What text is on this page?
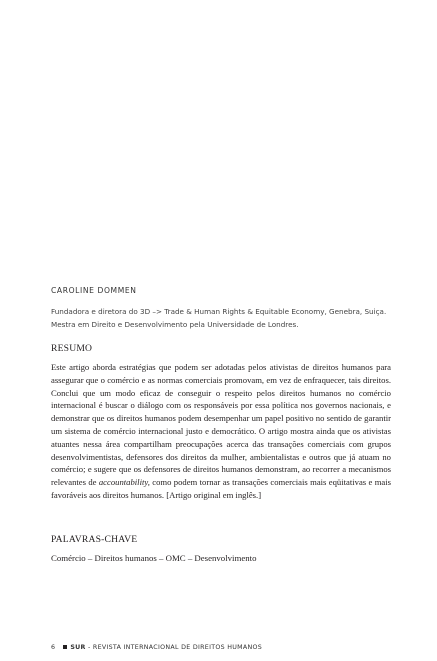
CAROLINE DOMMEN
Fundadora e diretora do 3D –> Trade & Human Rights & Equitable Economy, Genebra, Suiça. Mestra em Direito e Desenvolvimento pela Universidade de Londres.
RESUMO
Este artigo aborda estratégias que podem ser adotadas pelos ativistas de direitos humanos para assegurar que o comércio e as normas comerciais promovam, em vez de enfraquecer, tais direitos. Conclui que um modo eficaz de conseguir o respeito pelos direitos humanos no comércio internacional é buscar o diálogo com os responsáveis por essa política nos governos nacionais, e demonstrar que os direitos humanos podem desempenhar um papel positivo no sentido de garantir um sistema de comércio internacional justo e democrático. O artigo mostra ainda que os ativistas atuantes nessa área compartilham preocupações acerca das transações comerciais com grupos desenvolvimentistas, defensores dos direitos da mulher, ambientalistas e outros que já atuam no comércio; e sugere que os defensores de direitos humanos demonstram, ao recorrer a mecanismos relevantes de accountability, como podem tornar as transações comerciais mais eqüitativas e mais favoráveis aos direitos humanos. [Artigo original em inglês.]
PALAVRAS-CHAVE
Comércio – Direitos humanos – OMC – Desenvolvimento
6 SUR - REVISTA INTERNACIONAL DE DIREITOS HUMANOS
